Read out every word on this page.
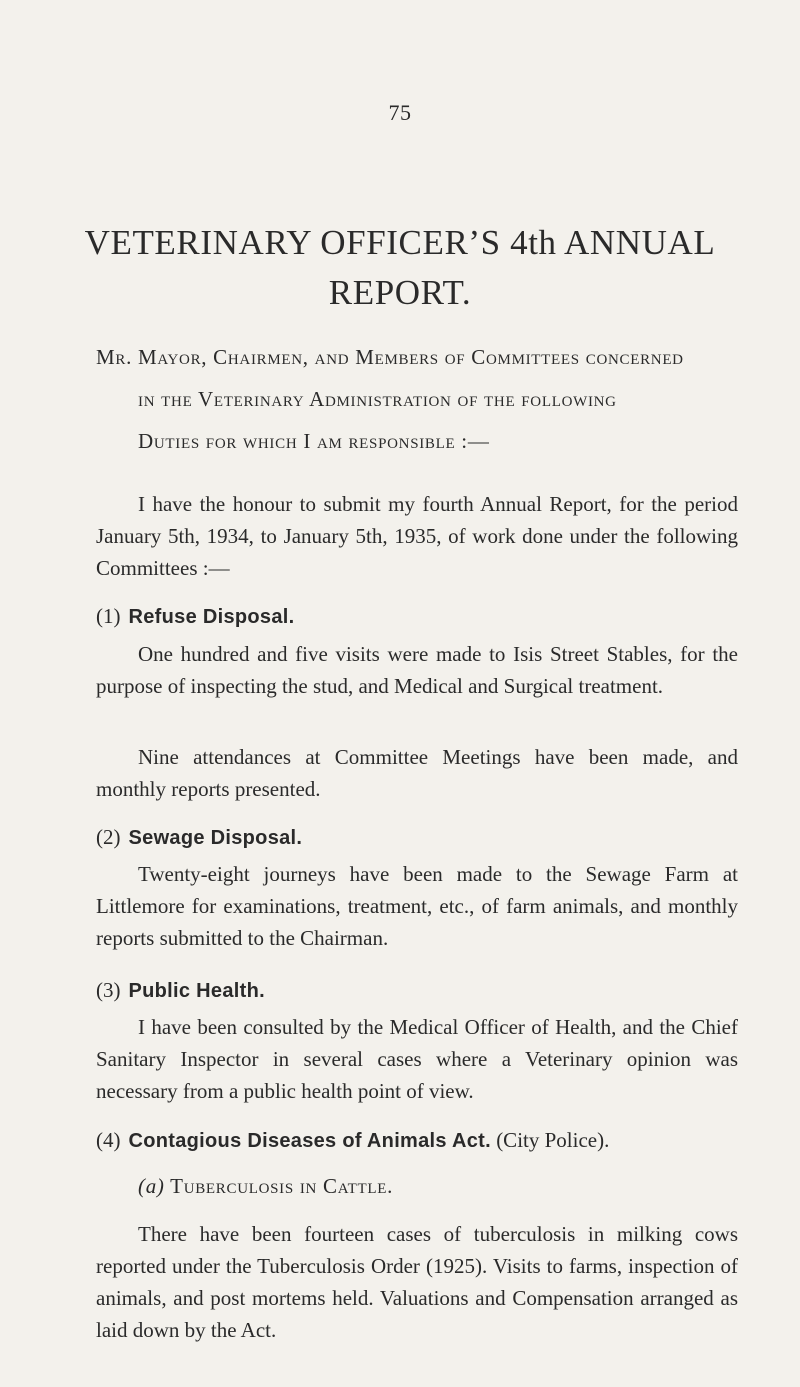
75
VETERINARY OFFICER’S 4th ANNUAL
REPORT.
Mr. Mayor, Chairmen, and Members of Committees concerned
in the Veterinary Administration of the following
Duties for which I am responsible :—

I have the honour to submit my fourth Annual Report, for the period January 5th, 1934, to January 5th, 1935, of work done under the following Committees :—

(1) Refuse Disposal.

One hundred and five visits were made to Isis Street Stables, for the purpose of inspecting the stud, and Medical and Surgical treatment.

Nine attendances at Committee Meetings have been made, and monthly reports presented.

(2) Sewage Disposal.

Twenty-eight journeys have been made to the Sewage Farm at Littlemore for examinations, treatment, etc., of farm animals, and monthly reports submitted to the Chairman.

(3) Public Health.

I have been consulted by the Medical Officer of Health, and the Chief Sanitary Inspector in several cases where a Veterinary opinion was necessary from a public health point of view.

(4) Contagious Diseases of Animals Act. (City Police).
(a) Tuberculosis in Cattle.

There have been fourteen cases of tuberculosis in milking cows reported under the Tuberculosis Order (1925). Visits to farms, inspection of animals, and post mortems held. Valuations and Compensation arranged as laid down by the Act.
